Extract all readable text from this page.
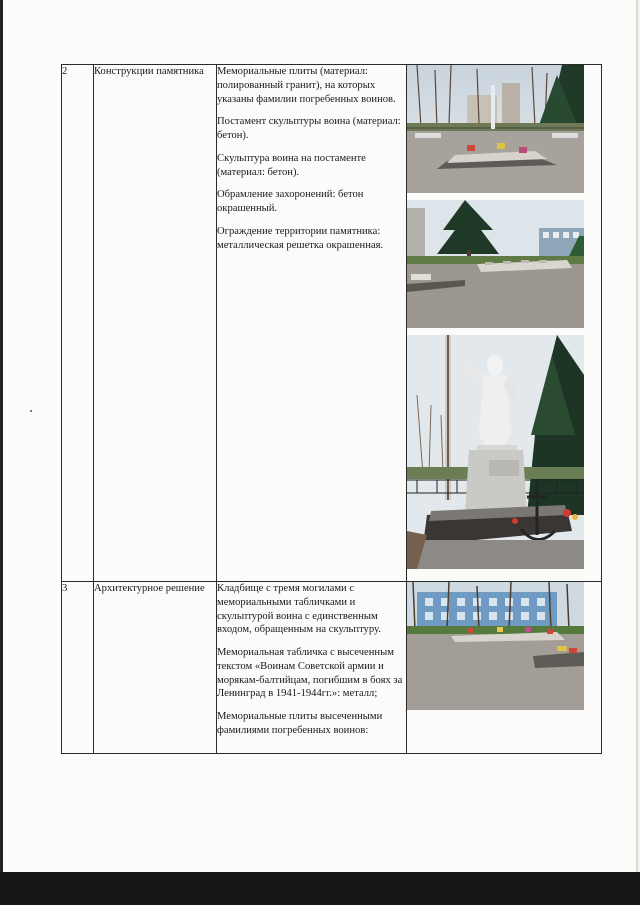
2	Конструкции памятника	Мемориальные плиты (материал: полированный гранит), на которых указаны фамилии погребенных воинов.

Постамент скульптуры воина (материал: бетон).

Скульптура воина на постаменте (материал: бетон).

Обрамление захоронений: бетон окрашенный.

Ограждение территории памятника: металлическая решетка окрашенная.

3	Архитектурное решение	Кладбище с тремя могилами с мемориальными табличками и скульптурой воина с единственным входом, обращенным на скульптуру.

Мемориальная табличка с высеченным текстом «Воинам Советской армии и морякам-балтийцам, погибшим в боях за Ленинград в 1941-1944гг.»: металл;

Мемориальные плиты высеченными фамилиями погребенных воинов:
